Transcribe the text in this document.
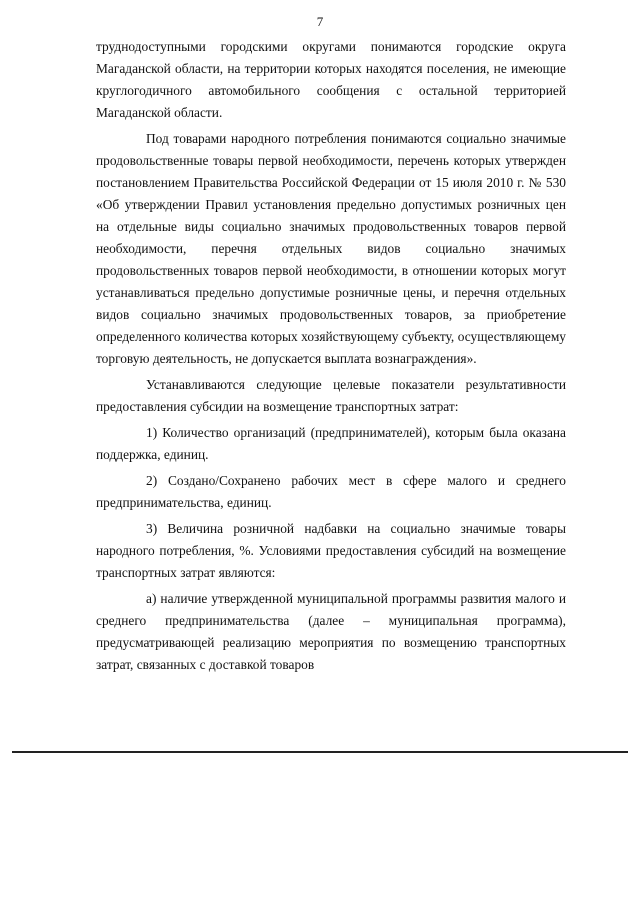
7

труднодоступными городскими округами понимаются городские округа Магаданской области, на территории которых находятся поселения, не имеющие круглогодичного автомобильного сообщения с остальной территорией Магаданской области.

Под товарами народного потребления понимаются социально значимые продовольственные товары первой необходимости, перечень которых утвержден постановлением Правительства Российской Федерации от 15 июля 2010 г. № 530 «Об утверждении Правил установления предельно допустимых розничных цен на отдельные виды социально значимых продовольственных товаров первой необходимости, перечня отдельных видов социально значимых продовольственных товаров первой необходимости, в отношении которых могут устанавливаться предельно допустимые розничные цены, и перечня отдельных видов социально значимых продовольственных товаров, за приобретение определенного количества которых хозяйствующему субъекту, осуществляющему торговую деятельность, не допускается выплата вознаграждения».

Устанавливаются следующие целевые показатели результативности предоставления субсидии на возмещение транспортных затрат:

1) Количество организаций (предпринимателей), которым была оказана поддержка, единиц.

2) Создано/Сохранено рабочих мест в сфере малого и среднего предпринимательства, единиц.

3) Величина розничной надбавки на социально значимые товары народного потребления, %. Условиями предоставления субсидий на возмещение транспортных затрат являются:

а) наличие утвержденной муниципальной программы развития малого и среднего предпринимательства (далее – муниципальная программа), предусматривающей реализацию мероприятия по возмещению транспортных затрат, связанных с доставкой товаров
